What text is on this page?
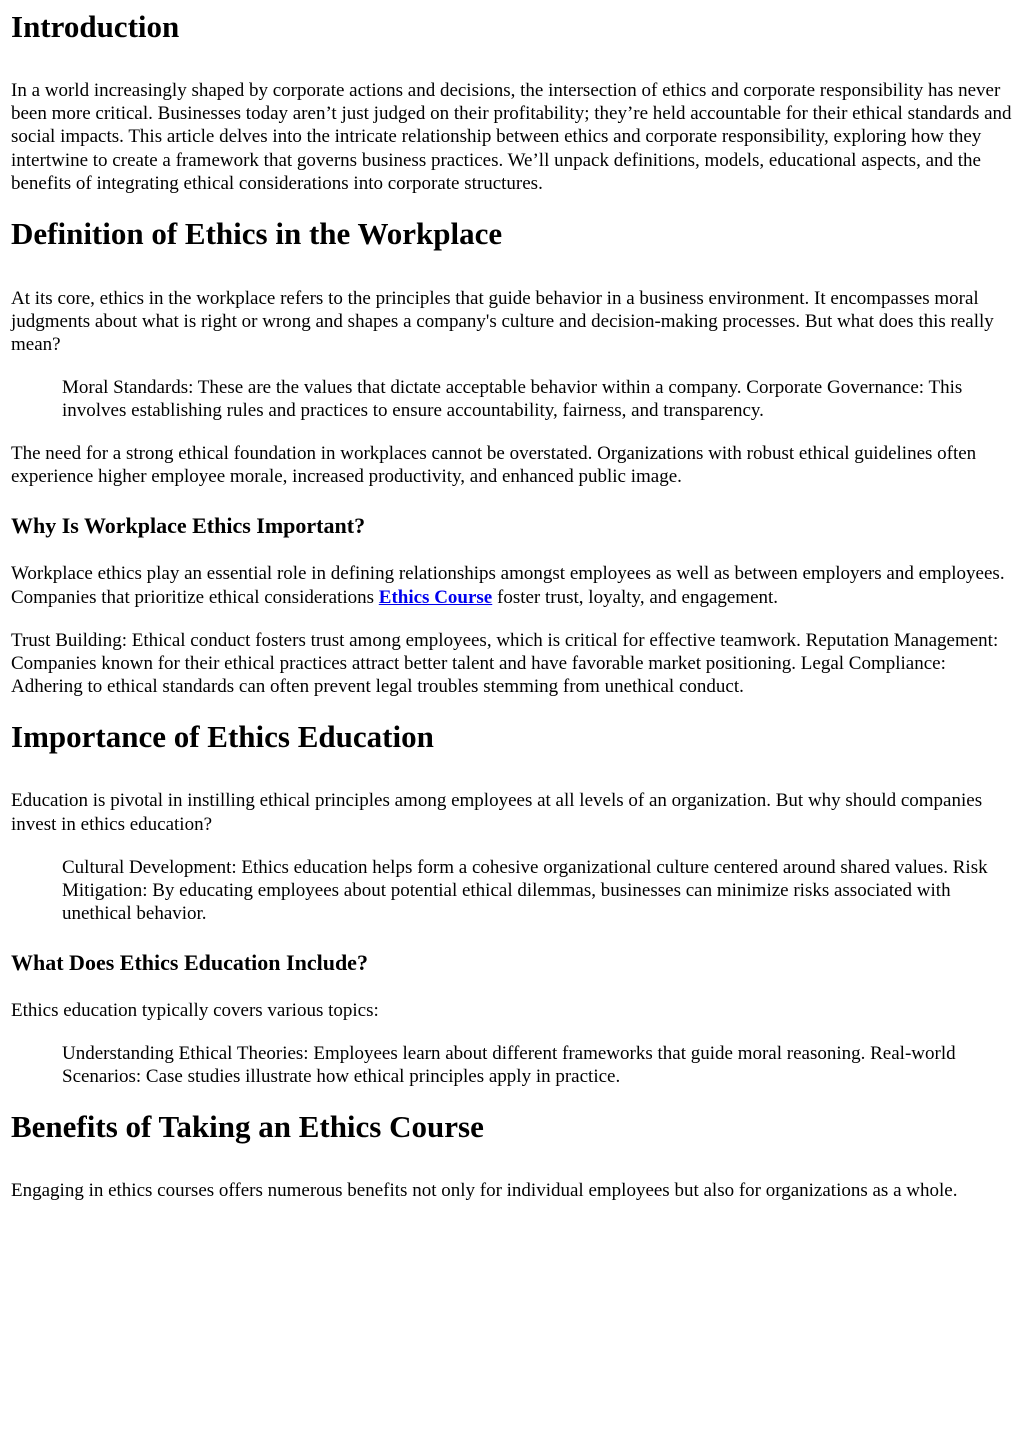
Introduction

In a world increasingly shaped by corporate actions and decisions, the intersection of ethics and corporate responsibility has never been more critical. Businesses today aren’t just judged on their profitability; they’re held accountable for their ethical standards and social impacts. This article delves into the intricate relationship between ethics and corporate responsibility, exploring how they intertwine to create a framework that governs business practices. We’ll unpack definitions, models, educational aspects, and the benefits of integrating ethical considerations into corporate structures.

Definition of Ethics in the Workplace

At its core, ethics in the workplace refers to the principles that guide behavior in a business environment. It encompasses moral judgments about what is right or wrong and shapes a company's culture and decision-making processes. But what does this really mean?

Moral Standards: These are the values that dictate acceptable behavior within a company. Corporate Governance: This involves establishing rules and practices to ensure accountability, fairness, and transparency.

The need for a strong ethical foundation in workplaces cannot be overstated. Organizations with robust ethical guidelines often experience higher employee morale, increased productivity, and enhanced public image.

Why Is Workplace Ethics Important?

Workplace ethics play an essential role in defining relationships amongst employees as well as between employers and employees. Companies that prioritize ethical considerations Ethics Course foster trust, loyalty, and engagement.

Trust Building: Ethical conduct fosters trust among employees, which is critical for effective teamwork. Reputation Management: Companies known for their ethical practices attract better talent and have favorable market positioning. Legal Compliance: Adhering to ethical standards can often prevent legal troubles stemming from unethical conduct.

Importance of Ethics Education

Education is pivotal in instilling ethical principles among employees at all levels of an organization. But why should companies invest in ethics education?

Cultural Development: Ethics education helps form a cohesive organizational culture centered around shared values. Risk Mitigation: By educating employees about potential ethical dilemmas, businesses can minimize risks associated with unethical behavior.
What Does Ethics Education Include?

Ethics education typically covers various topics:

Understanding Ethical Theories: Employees learn about different frameworks that guide moral reasoning. Real-world Scenarios: Case studies illustrate how ethical principles apply in practice.
Benefits of Taking an Ethics Course

Engaging in ethics courses offers numerous benefits not only for individual employees but also for organizations as a whole.
